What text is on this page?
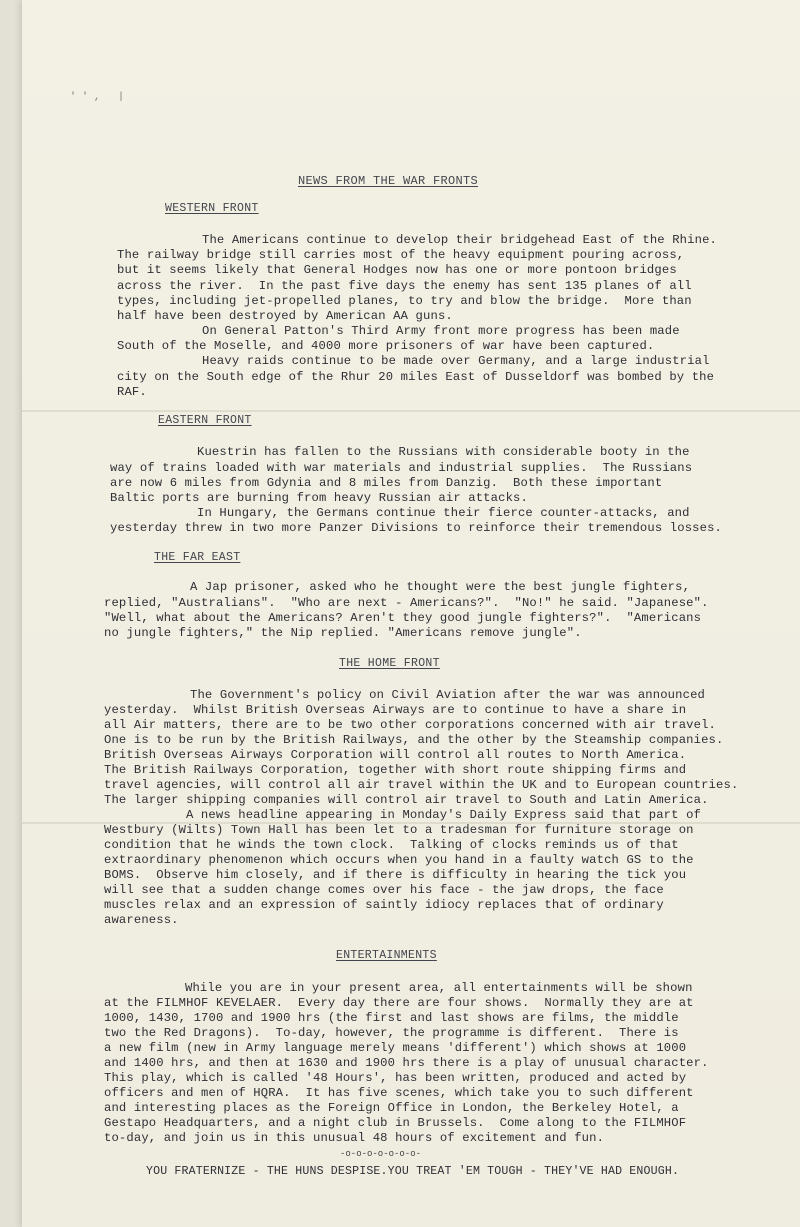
' ' ,   |
NEWS FROM THE WAR FRONTS
WESTERN FRONT
The Americans continue to develop their bridgehead East of the Rhine.
The railway bridge still carries most of the heavy equipment pouring across,
but it seems likely that General Hodges now has one or more pontoon bridges
across the river.  In the past five days the enemy has sent 135 planes of all
types, including jet-propelled planes, to try and blow the bridge.  More than
half have been destroyed by American AA guns.
On General Patton's Third Army front more progress has been made
South of the Moselle, and 4000 more prisoners of war have been captured.
Heavy raids continue to be made over Germany, and a large industrial
city on the South edge of the Rhur 20 miles East of Dusseldorf was bombed by the
RAF.
EASTERN FRONT
Kuestrin has fallen to the Russians with considerable booty in the
way of trains loaded with war materials and industrial supplies.  The Russians
are now 6 miles from Gdynia and 8 miles from Danzig.  Both these important
Baltic ports are burning from heavy Russian air attacks.
In Hungary, the Germans continue their fierce counter-attacks, and
yesterday threw in two more Panzer Divisions to reinforce their tremendous losses.
THE FAR EAST
A Jap prisoner, asked who he thought were the best jungle fighters,
replied, "Australians".  "Who are next - Americans?".  "No!" he said. "Japanese".
"Well, what about the Americans? Aren't they good jungle fighters?".  "Americans
no jungle fighters," the Nip replied. "Americans remove jungle".
THE HOME FRONT
The Government's policy on Civil Aviation after the war was announced
yesterday.  Whilst British Overseas Airways are to continue to have a share in
all Air matters, there are to be two other corporations concerned with air travel.
One is to be run by the British Railways, and the other by the Steamship companies.
British Overseas Airways Corporation will control all routes to North America.
The British Railways Corporation, together with short route shipping firms and
travel agencies, will control all air travel within the UK and to European countries.
The larger shipping companies will control air travel to South and Latin America.
A news headline appearing in Monday's Daily Express said that part of
Westbury (Wilts) Town Hall has been let to a tradesman for furniture storage on
condition that he winds the town clock.  Talking of clocks reminds us of that
extraordinary phenomenon which occurs when you hand in a faulty watch GS to the
BOMS.  Observe him closely, and if there is difficulty in hearing the tick you
will see that a sudden change comes over his face - the jaw drops, the face
muscles relax and an expression of saintly idiocy replaces that of ordinary
awareness.
ENTERTAINMENTS
While you are in your present area, all entertainments will be shown
at the FILMHOF KEVELAER.  Every day there are four shows.  Normally they are at
1000, 1430, 1700 and 1900 hrs (the first and last shows are films, the middle
two the Red Dragons).  To-day, however, the programme is different.  There is
a new film (new in Army language merely means 'different') which shows at 1000
and 1400 hrs, and then at 1630 and 1900 hrs there is a play of unusual character.
This play, which is called '48 Hours', has been written, produced and acted by
officers and men of HQRA.  It has five scenes, which take you to such different
and interesting places as the Foreign Office in London, the Berkeley Hotel, a
Gestapo Headquarters, and a night club in Brussels.  Come along to the FILMHOF
to-day, and join us in this unusual 48 hours of excitement and fun.
-o-o-o-o-o-o-o-
YOU FRATERNIZE - THE HUNS DESPISE.YOU TREAT 'EM TOUGH - THEY'VE HAD ENOUGH.
